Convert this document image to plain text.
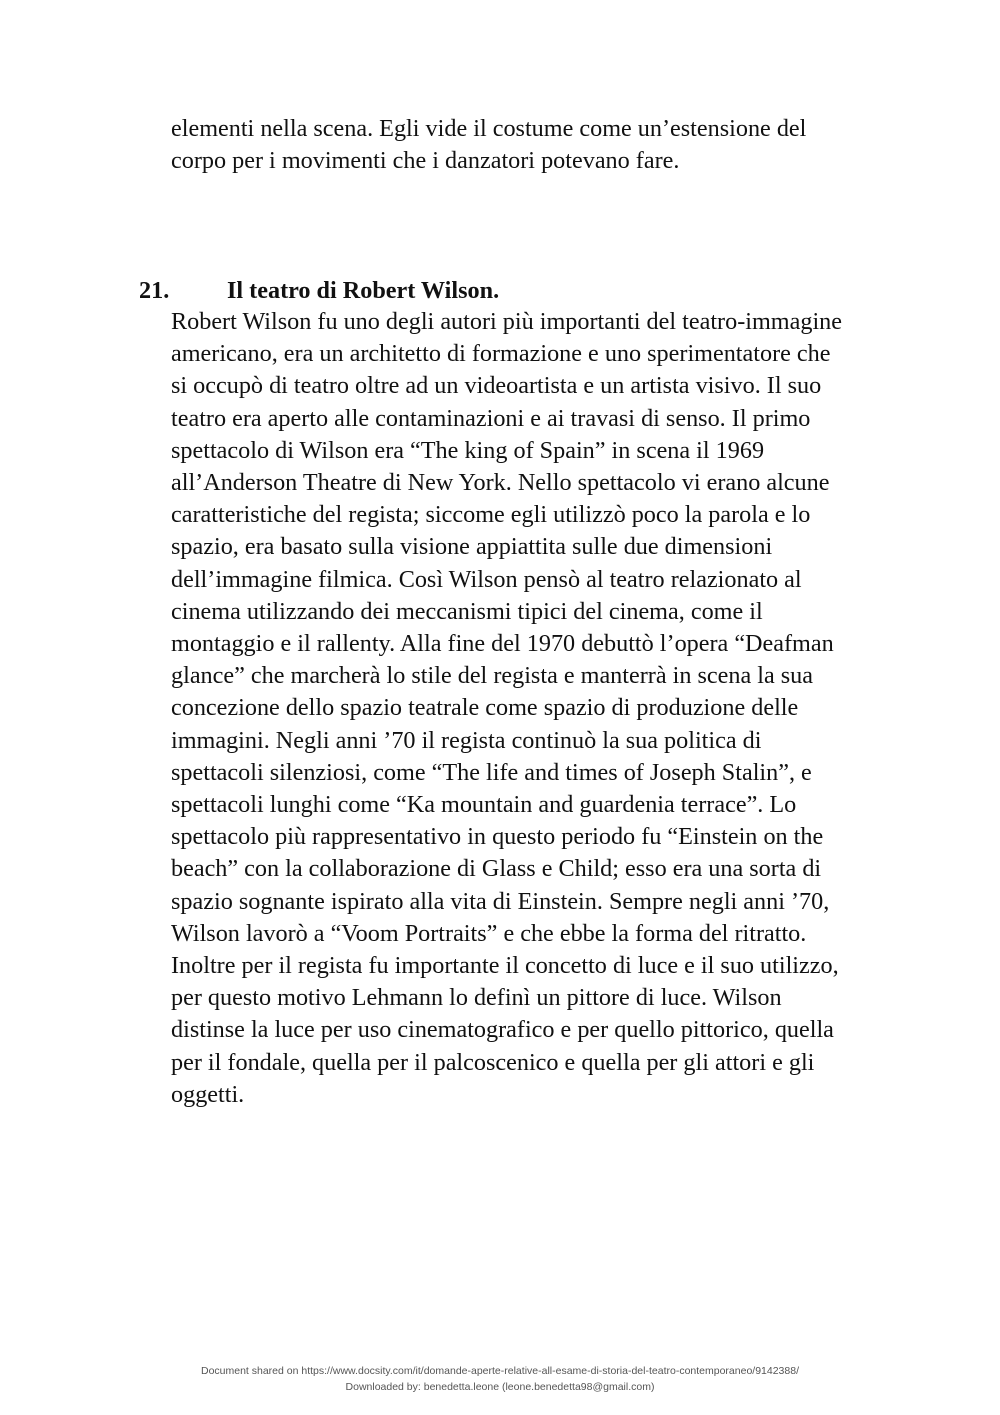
elementi nella scena. Egli vide il costume come un’estensione del
corpo per i movimenti che i danzatori potevano fare.
21. Il teatro di Robert Wilson.
Robert Wilson fu uno degli autori più importanti del teatro-immagine
americano, era un architetto di formazione e uno sperimentatore che
si occupò di teatro oltre ad un videoartista e un artista visivo. Il suo
teatro era aperto alle contaminazioni e ai travasi di senso. Il primo
spettacolo di Wilson era “The king of Spain” in scena il 1969
all’Anderson Theatre di New York. Nello spettacolo vi erano alcune
caratteristiche del regista; siccome egli utilizzò poco la parola e lo
spazio, era basato sulla visione appiattita sulle due dimensioni
dell’immagine filmica. Così Wilson pensò al teatro relazionato al
cinema utilizzando dei meccanismi tipici del cinema, come il
montaggio e il rallenty. Alla fine del 1970 debuttò l’opera “Deafman
glance” che marcherà lo stile del regista e manterrà in scena la sua
concezione dello spazio teatrale come spazio di produzione delle
immagini. Negli anni ’70 il regista continuò la sua politica di
spettacoli silenziosi, come “The life and times of Joseph Stalin”, e
spettacoli lunghi come “Ka mountain and guardenia terrace”. Lo
spettacolo più rappresentativo in questo periodo fu “Einstein on the
beach” con la collaborazione di Glass e Child; esso era una sorta di
spazio sognante ispirato alla vita di Einstein. Sempre negli anni ’70,
Wilson lavorò a “Voom Portraits” e che ebbe la forma del ritratto.
Inoltre per il regista fu importante il concetto di luce e il suo utilizzo,
per questo motivo Lehmann lo definì un pittore di luce. Wilson
distinse la luce per uso cinematografico e per quello pittorico, quella
per il fondale, quella per il palcoscenico e quella per gli attori e gli
oggetti.
Document shared on https://www.docsity.com/it/domande-aperte-relative-all-esame-di-storia-del-teatro-contemporaneo/9142388/
Downloaded by: benedetta.leone (leone.benedetta98@gmail.com)
